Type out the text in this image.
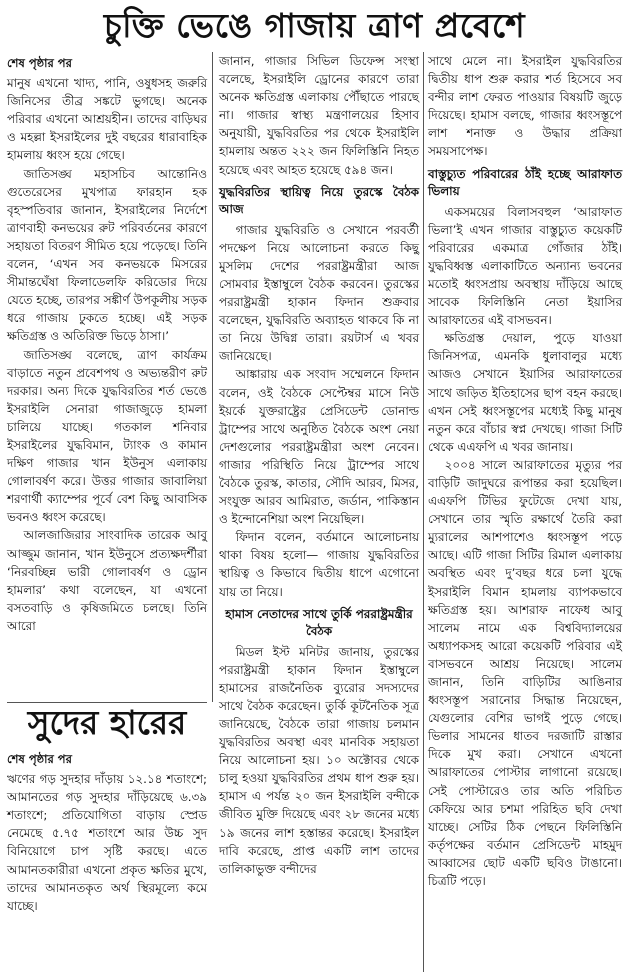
চুক্তি ভেঙে গাজায় ত্রাণ প্রবেশে
শেষ পৃষ্ঠার পর

মানুষ এখনো খাদ্য, পানি, ওষুধসহ জরুরি জিনিসের তীব্র সঙ্কটে ভুগছে। অনেক পরিবার এখনো আশ্রয়হীন। তাদের বাড়িঘর ও মহল্লা ইসরাইলের দুই বছরের ধারাবাহিক হামলায় ধ্বংস হয়ে গেছে।

জাতিসঙ্ঘ মহাসচিব আন্তোনিও গুতেরেসের মুখপাত্র ফারহান হক বৃহস্পতিবার জানান, ইসরাইলের নির্দেশে ত্রাণবাহী কনভয়ের রুট পরিবর্তনের কারণে সহায়তা বিতরণ সীমিত হয়ে পড়েছে। তিনি বলেন, ‘এখন সব কনভয়কে মিসরের সীমান্তঘেঁষা ফিলাডেলফি করিডোর দিয়ে যেতে হচ্ছে, তারপর সঙ্কীর্ণ উপকূলীয় সড়ক ধরে গাজায় ঢুকতে হচ্ছে। এই সড়ক ক্ষতিগ্রস্ত ও অতিরিক্ত ভিড়ে ঠাসা।’

জাতিসঙ্ঘ বলেছে, ত্রাণ কার্যক্রম বাড়াতে নতুন প্রবেশপথ ও অভ্যন্তরীণ রুট দরকার। অন্য দিকে যুদ্ধবিরতির শর্ত ভেঙে ইসরাইলি সেনারা গাজাজুড়ে হামলা চালিয়ে যাচ্ছে। গতকাল শনিবার ইসরাইলের যুদ্ধবিমান, ট্যাংক ও কামান দক্ষিণ গাজার খান ইউনুস এলাকায় গোলাবর্ষণ করে। উত্তর গাজার জাবালিয়া শরণার্থী ক্যাম্পের পূর্বে বেশ কিছু আবাসিক ভবনও ধ্বংস করেছে।

আলজাজিরার সাংবাদিক তারেক আবু আজ্জুম জানান, খান ইউনুসে প্রত্যক্ষদর্শীরা ‘নিরবচ্ছিন্ন ভারী গোলাবর্ষণ ও ড্রোন হামলার’ কথা বলেছেন, যা এখনো বসতবাড়ি ও কৃষিজমিতে চলছে। তিনি আরো

সুদের হারের
শেষ পৃষ্ঠার পর

ঋণের গড় সুদহার দাঁড়ায় ১২.১৪ শতাংশে; আমানতের গড় সুদহার দাঁড়িয়েছে ৬.৩৯ শতাংশে; প্রতিযোগিতা বাড়ায় স্প্রেড নেমেছে ৫.৭৫ শতাংশে আর উচ্চ সুদ বিনিয়োগে চাপ সৃষ্টি করছে। এতে আমানতকারীরা এখনো প্রকৃত ক্ষতির মুখে, তাদের আমানতকৃত অর্থ স্থিরমূল্যে কমে যাচ্ছে।

জানান, গাজার সিভিল ডিফেন্স সংস্থা বলেছে, ইসরাইলি ড্রোনের কারণে তারা অনেক ক্ষতিগ্রস্ত এলাকায় পৌঁছাতে পারছে না। গাজার স্বাস্থ্য মন্ত্রণালয়ের হিসাব অনুযায়ী, যুদ্ধবিরতির পর থেকে ইসরাইলি হামলায় অন্তত ২২২ জন ফিলিস্তিনি নিহত হয়েছে এবং আহত হয়েছে ৫৯৪ জন।

যুদ্ধবিরতির স্থায়িত্ব নিয়ে তুরস্কে বৈঠক আজ

গাজার যুদ্ধবিরতি ও সেখানে পরবর্তী পদক্ষেপ নিয়ে আলোচনা করতে কিছু মুসলিম দেশের পররাষ্ট্রমন্ত্রীরা আজ সোমবার ইস্তাম্বুলে বৈঠক করবেন। তুরস্কের পররাষ্ট্রমন্ত্রী হাকান ফিদান শুক্রবার বলেছেন, যুদ্ধবিরতি অব্যাহত থাকবে কি না তা নিয়ে উদ্বিগ্ন তারা। রয়টার্স এ খবর জানিয়েছে।

আঙ্কারায় এক সংবাদ সম্মেলনে ফিদান বলেন, ওই বৈঠকে সেপ্টেম্বর মাসে নিউ ইয়র্কে যুক্তরাষ্ট্রের প্রেসিডেন্ট ডোনাল্ড ট্রাম্পের সাথে অনুষ্ঠিত বৈঠকে অংশ নেয়া দেশগুলোর পররাষ্ট্রমন্ত্রীরা অংশ নেবেন। গাজার পরিস্থিতি নিয়ে ট্রাম্পের সাথে বৈঠকে তুরস্ক, কাতার, সৌদি আরব, মিসর, সংযুক্ত আরব আমিরাত, জর্ডান, পাকিস্তান ও ইন্দোনেশিয়া অংশ নিয়েছিল।

ফিদান বলেন, বর্তমানে আলোচনায় থাকা বিষয় হলো— গাজায় যুদ্ধবিরতির স্থায়িত্ব ও কিভাবে দ্বিতীয় ধাপে এগোনো যায় তা নিয়ে।

হামাস নেতাদের সাথে তুর্কি পররাষ্ট্রমন্ত্রীর বৈঠক

মিডল ইস্ট মনিটর জানায়, তুরস্কের পররাষ্ট্রমন্ত্রী হাকান ফিদান ইস্তাম্বুলে হামাসের রাজনৈতিক ব্যুরোর সদস্যদের সাথে বৈঠক করেছেন। তুর্কি কূটনৈতিক সূত্র জানিয়েছে, বৈঠকে তারা গাজায় চলমান যুদ্ধবিরতির অবস্থা এবং মানবিক সহায়তা নিয়ে আলোচনা হয়। ১০ অক্টোবর থেকে চালু হওয়া যুদ্ধবিরতির প্রথম ধাপ শুরু হয়। হামাস এ পর্যন্ত ২০ জন ইসরাইলি বন্দীকে জীবিত মুক্তি দিয়েছে এবং ২৮ জনের মধ্যে ১৯ জনের লাশ হস্তান্তর করেছে। ইসরাইল দাবি করেছে, প্রাপ্ত একটি লাশ তাদের তালিকাভুক্ত বন্দীদের

সাথে মেলে না। ইসরাইল যুদ্ধবিরতির দ্বিতীয় ধাপ শুরু করার শর্ত হিসেবে সব বন্দীর লাশ ফেরত পাওয়ার বিষয়টি জুড়ে দিয়েছে। হামাস বলছে, গাজার ধ্বংসস্তূপে লাশ শনাক্ত ও উদ্ধার প্রক্রিয়া সময়সাপেক্ষ।

বাস্তুচ্যুত পরিবারের ঠাঁই হচ্ছে আরাফাত ভিলায়

একসময়ের বিলাসবহুল ‘আরাফাত ভিলা’ই এখন গাজার বাস্তুচ্যুত কয়েকটি পরিবারের একমাত্র গোঁজার ঠাঁই। যুদ্ধবিধ্বস্ত এলাকাটিতে অন্যান্য ভবনের মতোই ধ্বংসপ্রায় অবস্থায় দাঁড়িয়ে আছে সাবেক ফিলিস্তিনি নেতা ইয়াসির আরাফাতের এই বাসভবন।

ক্ষতিগ্রস্ত দেয়াল, পুড়ে যাওয়া জিনিসপত্র, এমনকি ধুলাবালুর মধ্যে আজও সেখানে ইয়াসির আরাফাতের সাথে জড়িত ইতিহাসের ছাপ বহন করছে। এখন সেই ধ্বংসস্তূপের মধ্যেই কিছু মানুষ নতুন করে বাঁচার স্বপ্ন দেখছে। গাজা সিটি থেকে এএফপি এ খবর জানায়।

২০০৪ সালে আরাফাতের মৃত্যুর পর বাড়িটি জাদুঘরে রূপান্তর করা হয়েছিল। এএফপি টিভির ফুটেজে দেখা যায়, সেখানে তার স্মৃতি রক্ষার্থে তৈরি করা ম্যুরালের আশপাশেও ধ্বংসস্তূপ পড়ে আছে। এটি গাজা সিটির রিমাল এলাকায় অবস্থিত এবং দু’বছর ধরে চলা যুদ্ধে ইসরাইলি বিমান হামলায় ব্যাপকভাবে ক্ষতিগ্রস্ত হয়। আশরাফ নাফেধ আবু সালেম নামে এক বিশ্ববিদ্যালয়ের অধ্যাপকসহ আরো কয়েকটি পরিবার এই বাসভবনে আশ্রয় নিয়েছে। সালেম জানান, তিনি বাড়িটির আঙিনার ধ্বংসস্তূপ সরানোর সিদ্ধান্ত নিয়েছেন, যেগুলোর বেশির ভাগই পুড়ে গেছে। ভিলার সামনের ধাতব দরজাটি রাস্তার দিকে মুখ করা। সেখানে এখনো আরাফাতের পোস্টার লাগানো রয়েছে। সেই পোস্টারেও তার অতি পরিচিত কেফিয়ে আর চশমা পরিহিত ছবি দেখা যাচ্ছে। সেটির ঠিক পেছনে ফিলিস্তিনি কর্তৃপক্ষের বর্তমান প্রেসিডেন্ট মাহমুদ আব্বাসের ছোট একটি ছবিও টাঙানো। চিত্রটি পড়ে।
